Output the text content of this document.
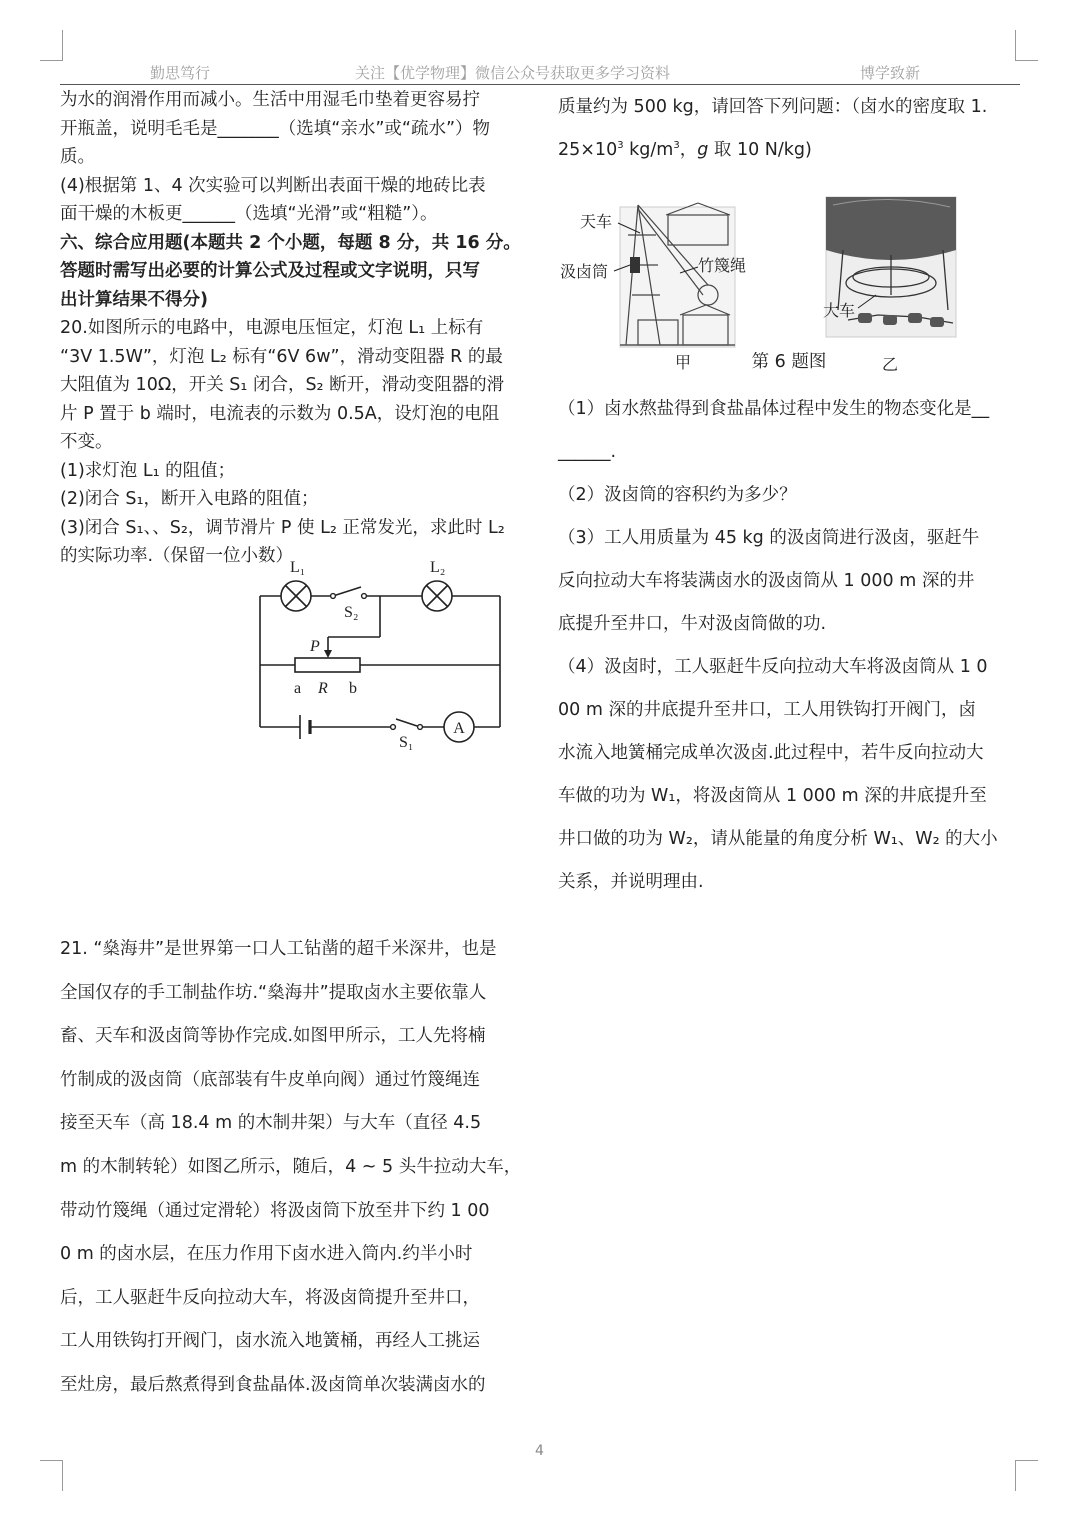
勤思笃行	关注【优学物理】微信公众号获取更多学习资料	博学致新

为水的润滑作用而减小。生活中用湿毛巾垫着更容易拧

开瓶盖，说明毛毛是_______（选填“亲水”或“疏水”）物

质。

(4)根据第 1、4 次实验可以判断出表面干燥的地砖比表

面干燥的木板更______（选填“光滑”或“粗糙”）。

六、综合应用题(本题共 2 个小题，每题 8 分，共 16 分。

答题时需写出必要的计算公式及过程或文字说明，只写

出计算结果不得分)

20.如图所示的电路中，电源电压恒定，灯泡 L₁ 上标有

“3V 1.5W”，灯泡 L₂ 标有“6V 6w”，滑动变阻器 R 的最

大阻值为 10Ω，开关 S₁ 闭合，S₂ 断开，滑动变阻器的滑

片 P 置于 b 端时，电流表的示数为 0.5A，设灯泡的电阻

不变。

(1)求灯泡 L₁ 的阻值；

(2)闭合 S₁，断开入电路的阻值；

(3)闭合 S₁、、S₂，调节滑片 P 使 L₂ 正常发光，求此时 L₂

的实际功率.（保留一位小数）

L₁	L₂
S₂
S₁
P
a R b
A

21. “燊海井”是世界第一口人工钻凿的超千米深井，也是

全国仅存的手工制盐作坊.“燊海井”提取卤水主要依靠人

畜、天车和汲卤筒等协作完成.如图甲所示，工人先将楠

竹制成的汲卤筒（底部装有牛皮单向阀）通过竹篾绳连

接至天车（高 18.4 m 的木制井架）与大车（直径 4.5

m 的木制转轮）如图乙所示，随后，4 ~ 5 头牛拉动大车，

带动竹篾绳（通过定滑轮）将汲卤筒下放至井下约 1 00

0 m 的卤水层，在压力作用下卤水进入筒内.约半小时

后，工人驱赶牛反向拉动大车，将汲卤筒提升至井口，

工人用铁钩打开阀门，卤水流入地簧桶，再经人工挑运

至灶房，最后熬煮得到食盐晶体.汲卤筒单次装满卤水的

质量约为 500 kg，请回答下列问题：（卤水的密度取 1.

$25\times 10^3$ $kg/m^3$，g 取 10 N/kg)

第 6 题图

（1）卤水熬盐得到食盐晶体过程中发生的物态变化是__

______.

（2）汲卤筒的容积约为多少？

（3）工人用质量为 45 kg 的汲卤筒进行汲卤，驱赶牛

反向拉动大车将装满卤水的汲卤筒从 1 000 m 深的井

底提升至井口，牛对汲卤筒做的功.

（4）汲卤时，工人驱赶牛反向拉动大车将汲卤筒从 1 0

00 m 深的井底提升至井口，工人用铁钩打开阀门，卤

水流入地簧桶完成单次汲卤.此过程中，若牛反向拉动大

车做的功为 W₁，将汲卤筒从 1 000 m 深的井底提升至

井口做的功为 W₂，请从能量的角度分析 W₁、W₂ 的大小

关系，并说明理由.

天车
汲卤筒	竹篾绳
甲
大车
乙
4
